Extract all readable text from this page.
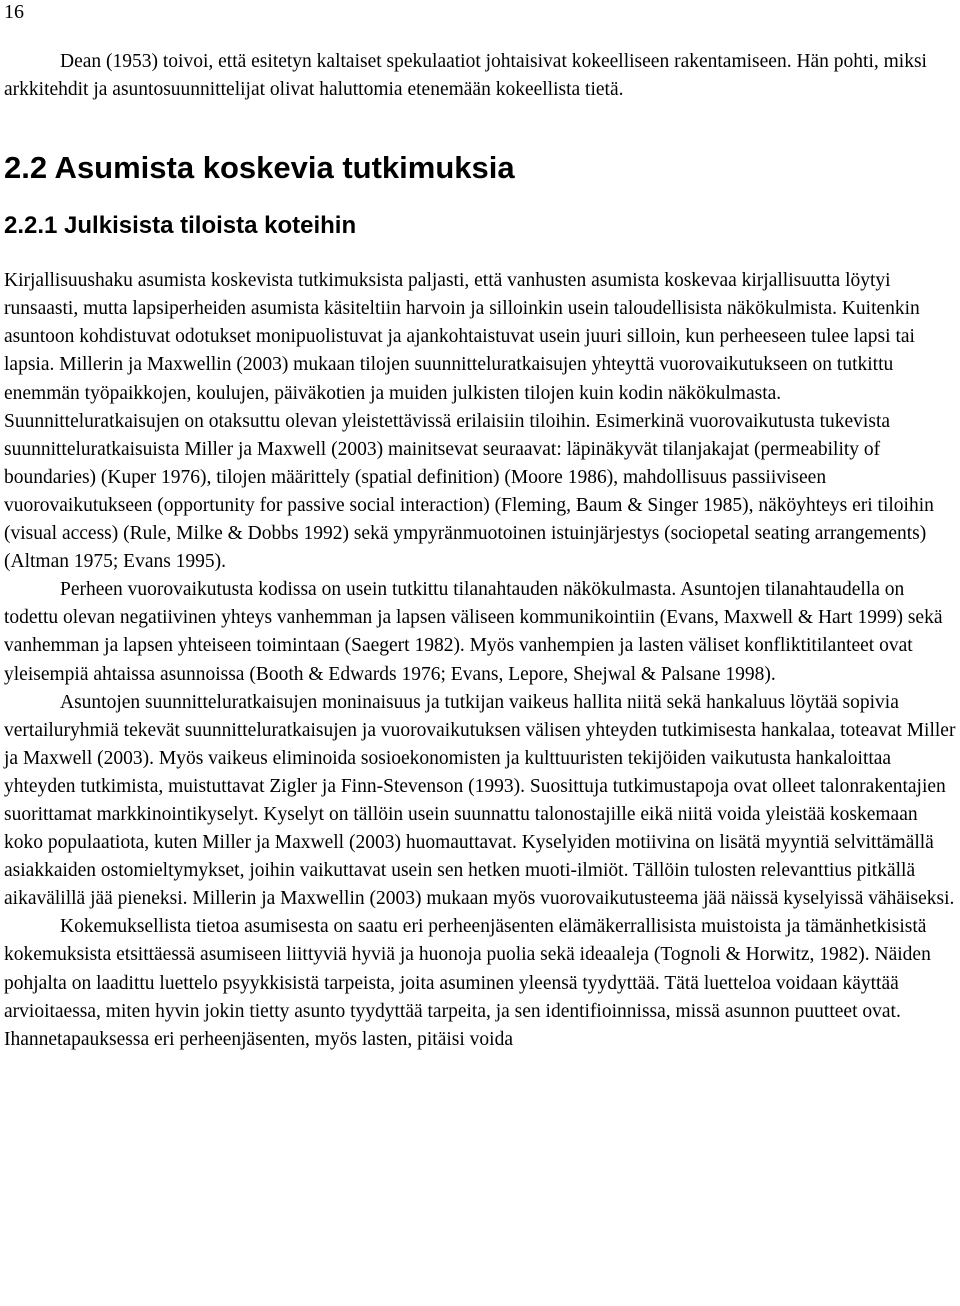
16

Dean (1953) toivoi, että esitetyn kaltaiset spekulaatiot johtaisivat kokeelliseen rakentamiseen. Hän pohti, miksi arkkitehdit ja asuntosuunnittelijat olivat haluttomia etenemään kokeellista tietä.

2.2 Asumista koskevia tutkimuksia
2.2.1 Julkisista tiloista koteihin

Kirjallisuushaku asumista koskevista tutkimuksista paljasti, että vanhusten asumista koskevaa kirjallisuutta löytyi runsaasti, mutta lapsiperheiden asumista käsiteltiin harvoin ja silloinkin usein taloudellisista näkökulmista. Kuitenkin asuntoon kohdistuvat odotukset monipuolistuvat ja ajankohtaistuvat usein juuri silloin, kun perheeseen tulee lapsi tai lapsia. Millerin ja Maxwellin (2003) mukaan tilojen suunnitteluratkaisujen yhteyttä vuorovaikutukseen on tutkittu enemmän työpaikkojen, koulujen, päiväkotien ja muiden julkisten tilojen kuin kodin näkökulmasta. Suunnitteluratkaisujen on otaksuttu olevan yleistettävissä erilaisiin tiloihin. Esimerkinä vuorovaikutusta tukevista suunnitteluratkaisuista Miller ja Maxwell (2003) mainitsevat seuraavat: läpinäkyvät tilanjakajat (permeability of boundaries) (Kuper 1976), tilojen määrittely (spatial definition) (Moore 1986), mahdollisuus passiiviseen vuorovaikutukseen (opportunity for passive social interaction) (Fleming, Baum & Singer 1985), näköyhteys eri tiloihin (visual access) (Rule, Milke & Dobbs 1992) sekä ympyränmuotoinen istuinjärjestys (sociopetal seating arrangements) (Altman 1975; Evans 1995).

Perheen vuorovaikutusta kodissa on usein tutkittu tilanahtauden näkökulmasta. Asuntojen tilanahtaudella on todettu olevan negatiivinen yhteys vanhemman ja lapsen väliseen kommunikointiin (Evans, Maxwell & Hart 1999) sekä vanhemman ja lapsen yhteiseen toimintaan (Saegert 1982). Myös vanhempien ja lasten väliset konfliktitilanteet ovat yleisempiä ahtaissa asunnoissa (Booth & Edwards 1976; Evans, Lepore, Shejwal & Palsane 1998).

Asuntojen suunnitteluratkaisujen moninaisuus ja tutkijan vaikeus hallita niitä sekä hankaluus löytää sopivia vertailuryhmiä tekevät suunnitteluratkaisujen ja vuorovaikutuksen välisen yhteyden tutkimisesta hankalaa, toteavat Miller ja Maxwell (2003). Myös vaikeus eliminoida sosioekonomisten ja kulttuuristen tekijöiden vaikutusta hankaloittaa yhteyden tutkimista, muistuttavat Zigler ja Finn-Stevenson (1993). Suosittuja tutkimustapoja ovat olleet talonrakentajien suorittamat markkinointikyselyt. Kyselyt on tällöin usein suunnattu talonostajille eikä niitä voida yleistää koskemaan koko populaatiota, kuten Miller ja Maxwell (2003) huomauttavat. Kyselyiden motiivina on lisätä myyntiä selvittämällä asiakkaiden ostomieltymykset, joihin vaikuttavat usein sen hetken muoti-ilmiöt. Tällöin tulosten relevanttius pitkällä aikavälillä jää pieneksi. Millerin ja Maxwellin (2003) mukaan myös vuorovaikutusteema jää näissä kyselyissä vähäiseksi.

Kokemuksellista tietoa asumisesta on saatu eri perheenjäsenten elämäkerrallisista muistoista ja tämänhetkisistä kokemuksista etsittäessä asumiseen liittyviä hyviä ja huonoja puolia sekä ideaaleja (Tognoli & Horwitz, 1982). Näiden pohjalta on laadittu luettelo psyykkisistä tarpeista, joita asuminen yleensä tyydyttää. Tätä luetteloa voidaan käyttää arvioitaessa, miten hyvin jokin tietty asunto tyydyttää tarpeita, ja sen identifioinnissa, missä asunnon puutteet ovat. Ihannetapauksessa eri perheenjäsenten, myös lasten, pitäisi voida
